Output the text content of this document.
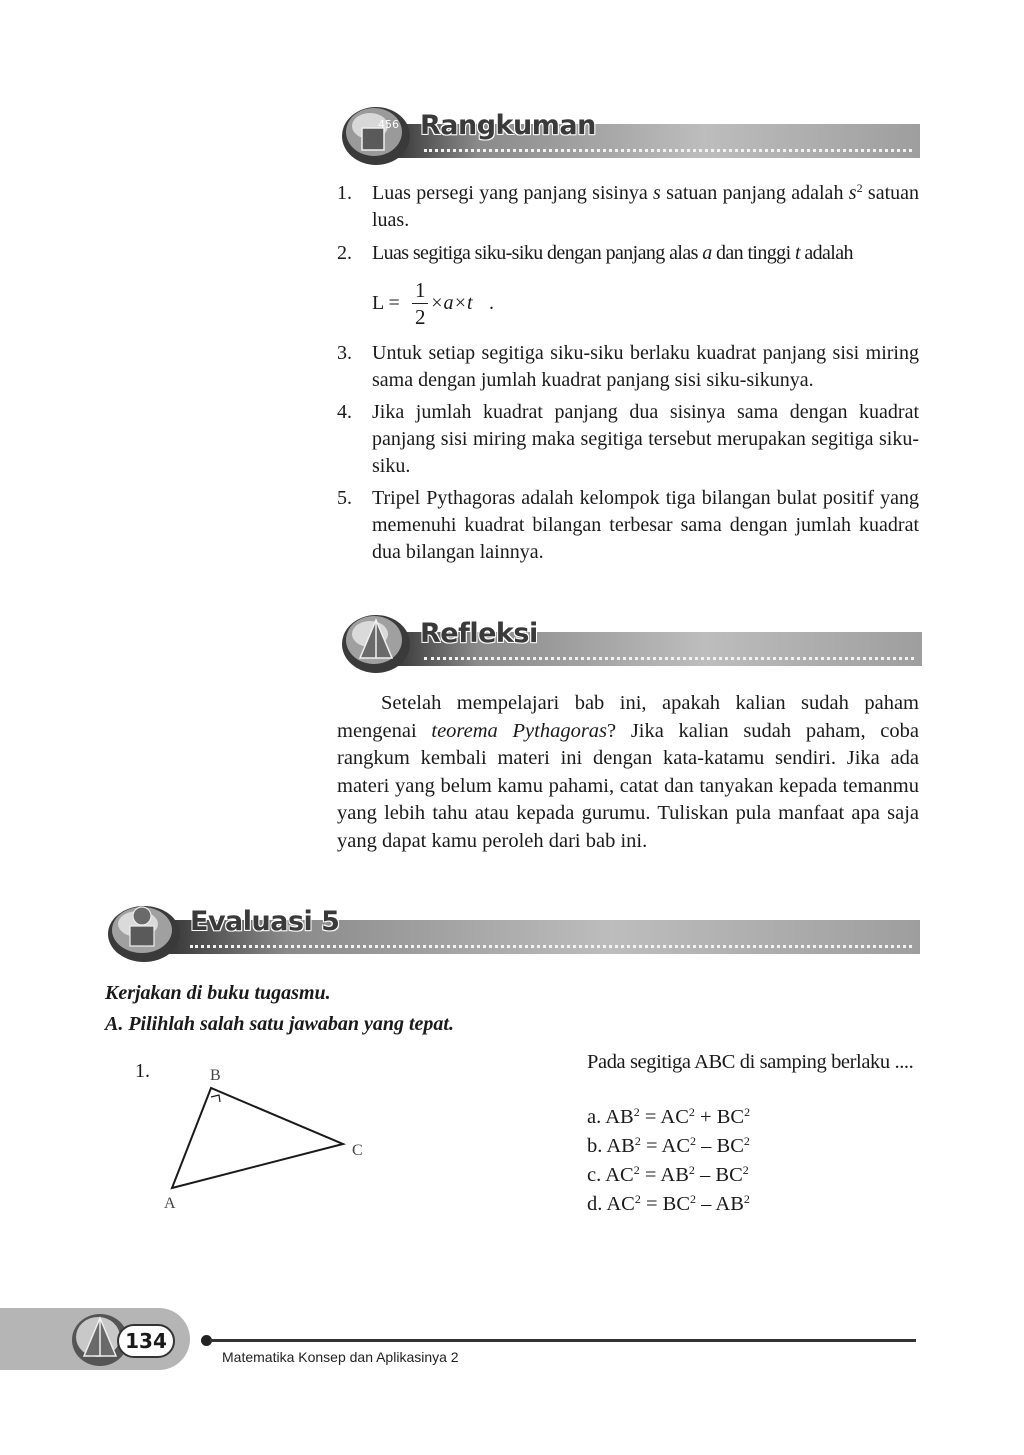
456 Rangkuman
1. Luas persegi yang panjang sisinya s satuan panjang adalah $s^2$ satuan luas.
2. Luas segitiga siku-siku dengan panjang alas a dan tinggi t adalah
L =
1
2
×a×t .
3. Untuk setiap segitiga siku-siku berlaku kuadrat panjang sisi miring sama dengan jumlah kuadrat panjang sisi siku-sikunya.
4. Jika jumlah kuadrat panjang dua sisinya sama dengan kuadrat panjang sisi miring maka segitiga tersebut merupakan segitiga siku-siku.
5. Tripel Pythagoras adalah kelompok tiga bilangan bulat positif yang memenuhi kuadrat bilangan terbesar sama dengan jumlah kuadrat dua bilangan lainnya.
Refleksi
Setelah mempelajari bab ini, apakah kalian sudah paham mengenai teorema Pythagoras? Jika kalian sudah paham, coba rangkum kembali materi ini dengan kata-katamu sendiri. Jika ada materi yang belum kamu pahami, catat dan tanyakan kepada temanmu yang lebih tahu atau kepada gurumu. Tuliskan pula manfaat apa saja yang dapat kamu peroleh dari bab ini.
Evaluasi 5
Kerjakan di buku tugasmu.
A. Pilihlah salah satu jawaban yang tepat.
1.	B
A
C
Pada segitiga ABC di samping berlaku ....
a. $AB^2 = AC^2 + BC^2$
b. $AB^2 = AC^2 - BC^2$
c. $AC^2 = AB^2 - BC^2$
d. $AC^2 = BC^2 - AB^2$
134
Matematika Konsep dan Aplikasinya 2
